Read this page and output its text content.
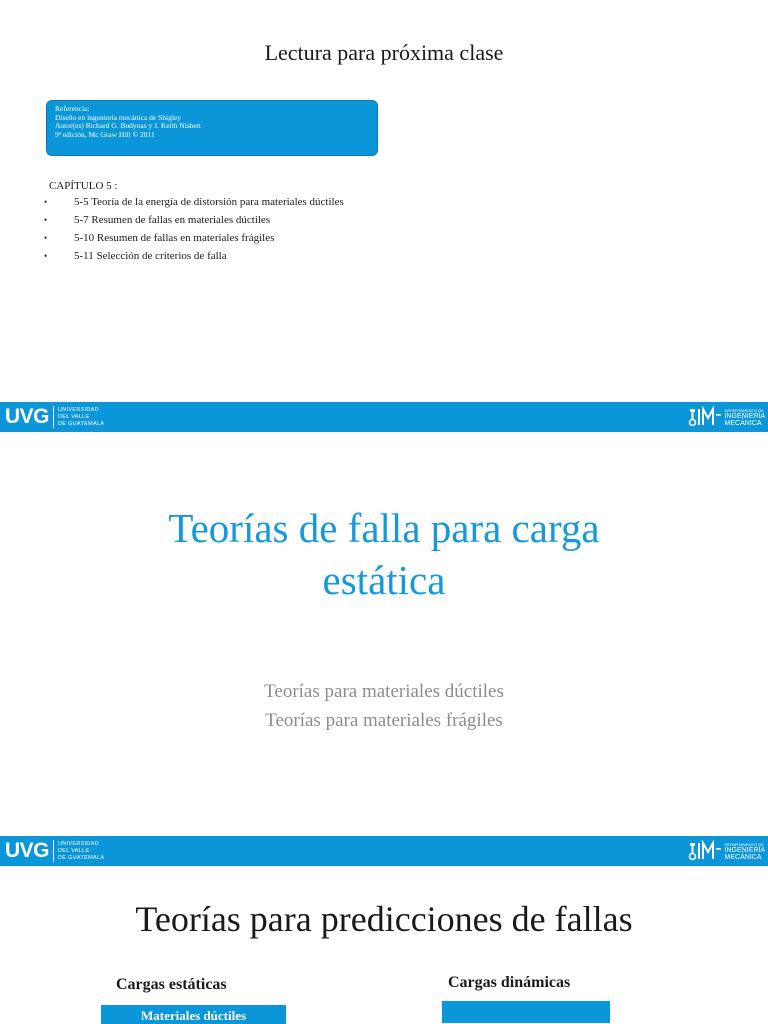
Lectura para próxima clase
Referencia:
Diseño en ingeniería mecánica de Shigley
Autor(es) Richard G. Budynas y J. Keith Nisbett
9ª edición, Mc Graw Hill © 2011
CAPÍTULO 5 :
•	5-5 Teoría de la energía de distorsión para materiales dúctiles
•	5-7 Resumen de fallas en materiales dúctiles
•	5-10 Resumen de fallas en materiales frágiles
•	5-11 Selección de criterios de falla
UVG UNIVERSIDAD
DEL VALLE
DE GUATEMALA
DEPARTAMENTO DE
INGENIERÍA
MECÁNICA
Teorías de falla para carga
estática
Teorías para materiales dúctiles
Teorías para materiales frágiles
UVG UNIVERSIDAD
DEL VALLE
DE GUATEMALA
DEPARTAMENTO DE
INGENIERÍA
MECÁNICA
Teorías para predicciones de fallas
Cargas estáticas	Cargas dinámicas
Materiales dúctiles
